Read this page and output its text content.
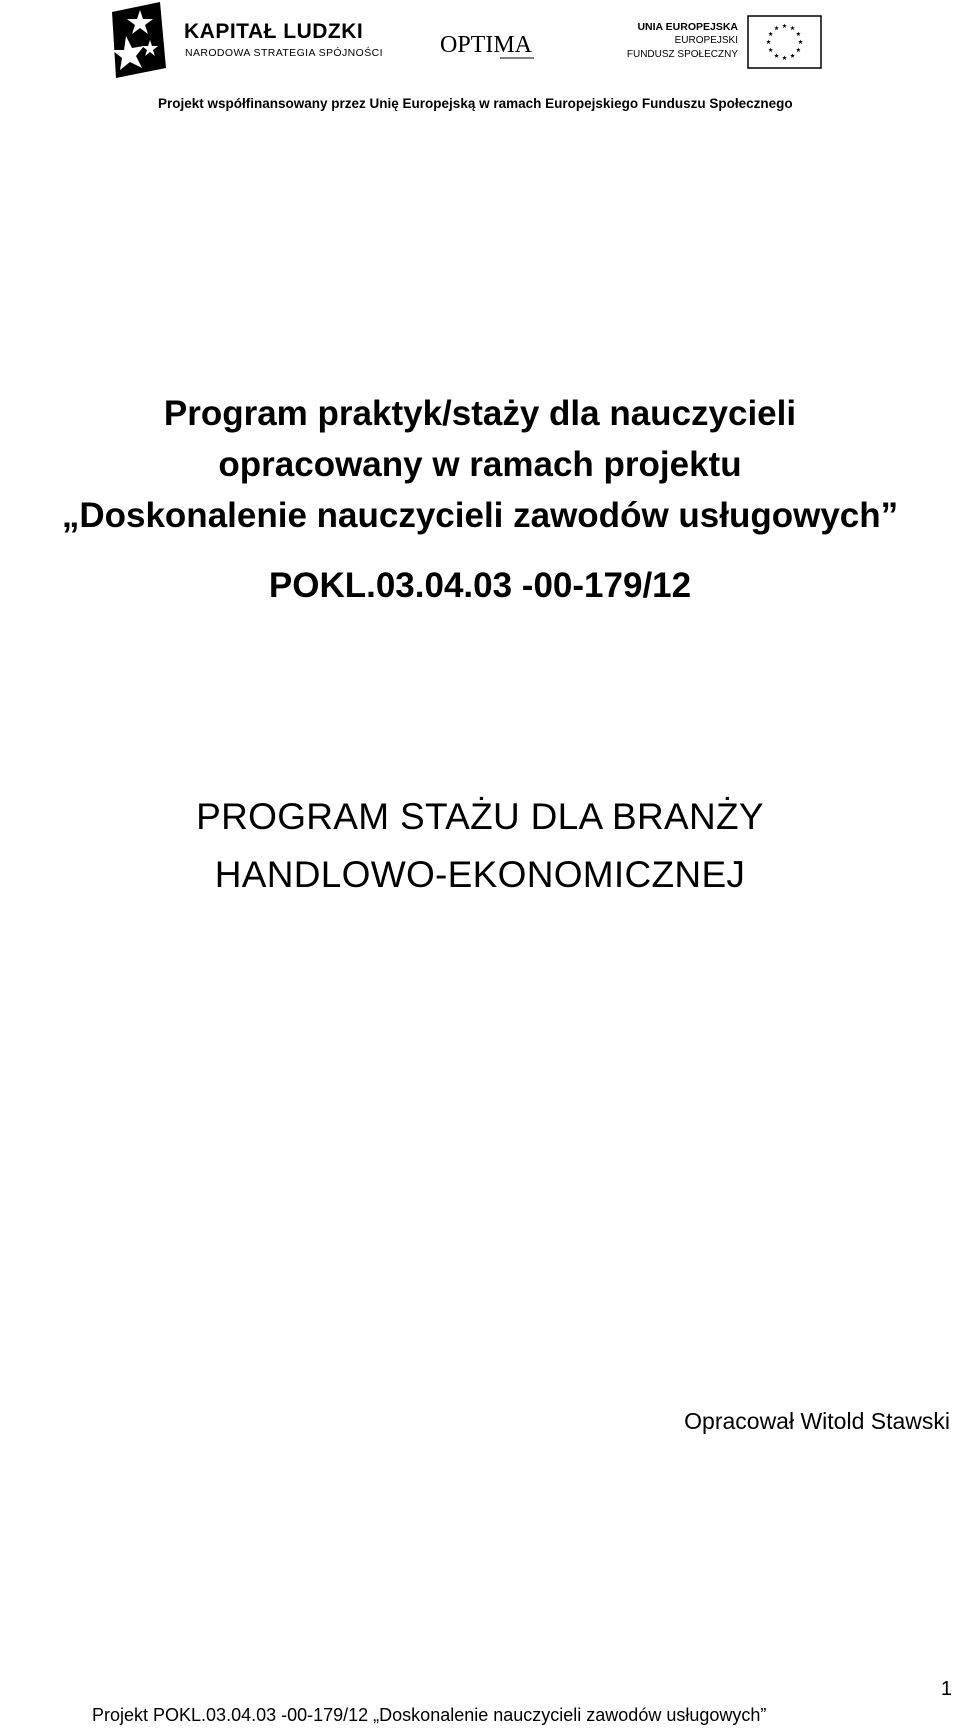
KAPITAŁ LUDZKI
NARODOWA STRATEGIA SPÓJNOŚCI OPTIMA
UNIA EUROPEJSKA
EUROPEJSKI
FUNDUSZ SPOŁECZNY
Projekt współfinansowany przez Unię Europejską w ramach Europejskiego Funduszu Społecznego
Program praktyk/staży dla nauczycieli
opracowany w ramach projektu
„Doskonalenie nauczycieli zawodów usługowych”
POKL.03.04.03 -00-179/12
PROGRAM STAŻU DLA BRANŻY
HANDLOWO-EKONOMICZNEJ
Opracował Witold Stawski
1
Projekt POKL.03.04.03 -00-179/12 „Doskonalenie nauczycieli zawodów usługowych”
